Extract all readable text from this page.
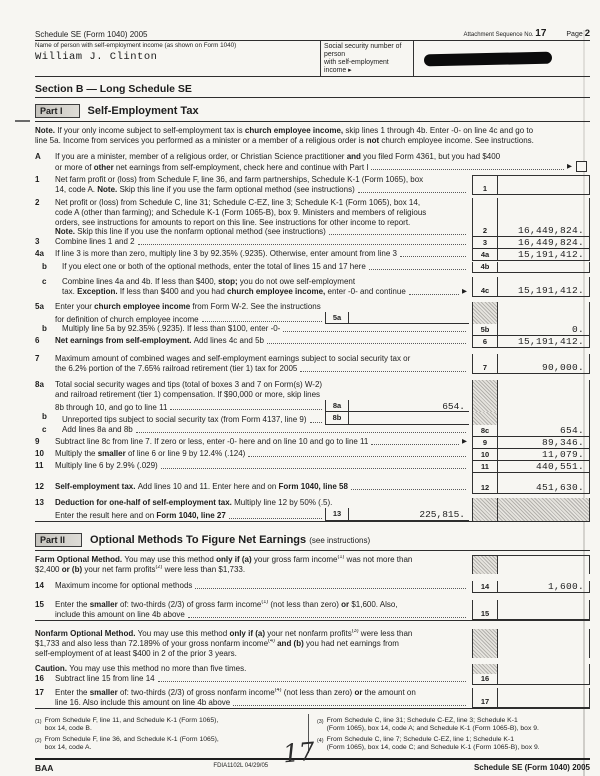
Schedule SE (Form 1040) 2005	Attachment Sequence No. 17	Page 2
Name of person with self-employment income (as shown on Form 1040)
William J. Clinton
Social security number of person
with self-employment income ▸
Section B — Long Schedule SE
Part I	Self-Employment Tax
Note. If your only income subject to self-employment tax is church employee income, skip lines 1 through 4b. Enter -0- on line 4c and go to
line 5a. Income from services you performed as a minister or a member of a religious order is not church employee income. See instructions.
A	If you are a minister, member of a religious order, or Christian Science practitioner and you filed Form 4361, but you had $400
or more of other net earnings from self-employment, check here and continue with Part I	▶
1	Net farm profit or (loss) from Schedule F, line 36, and farm partnerships, Schedule K-1 (Form 1065), box
14, code A. Note. Skip this line if you use the farm optional method (see instructions)	1
2	Net profit or (loss) from Schedule C, line 31; Schedule C-EZ, line 3; Schedule K-1 (Form 1065), box 14,
code A (other than farming); and Schedule K-1 (Form 1065-B), box 9. Ministers and members of religious
orders, see instructions for amounts to report on this line. See instructions for other income to report.
Note. Skip this line if you use the nonfarm optional method (see instructions)	2	16,449,824.
3	Combine lines 1 and 2	3	16,449,824.
4a	If line 3 is more than zero, multiply line 3 by 92.35% (.9235). Otherwise, enter amount from line 3	4a	15,191,412.
b	If you elect one or both of the optional methods, enter the total of lines 15 and 17 here	4b
c	Combine lines 4a and 4b. If less than $400, stop; you do not owe self-employment
tax. Exception. If less than $400 and you had church employee income, enter -0- and continue	▶	4c	15,191,412.
5a	Enter your church employee income from Form W-2. See the instructions
for definition of church employee income	5a
b	Multiply line 5a by 92.35% (.9235). If less than $100, enter -0-	5b	0.
6	Net earnings from self-employment. Add lines 4c and 5b	6	15,191,412.
7	Maximum amount of combined wages and self-employment earnings subject to social security tax or
the 6.2% portion of the 7.65% railroad retirement (tier 1) tax for 2005	7	90,000.
8a	Total social security wages and tips (total of boxes 3 and 7 on Form(s) W-2)
and railroad retirement (tier 1) compensation. If $90,000 or more, skip lines
8b through 10, and go to line 11	8a	654.
b	Unreported tips subject to social security tax (from Form 4137, line 9)	8b
c	Add lines 8a and 8b	8c	654.
9	Subtract line 8c from line 7. If zero or less, enter -0- here and on line 10 and go to line 11	▶	9	89,346.
10	Multiply the smaller of line 6 or line 9 by 12.4% (.124)	10	11,079.
11	Multiply line 6 by 2.9% (.029)	11	440,551.
12	Self-employment tax. Add lines 10 and 11. Enter here and on Form 1040, line 58	12	451,630.
13	Deduction for one-half of self-employment tax. Multiply line 12 by 50% (.5).
Enter the result here and on Form 1040, line 27	13	225,815.
Part II	Optional Methods To Figure Net Earnings (see instructions)
Farm Optional Method. You may use this method only if (a) your gross farm income (1) was not more than
$2,400 or (b) your net farm profits (2) were less than $1,733.
14	Maximum income for optional methods	14	1,600.
15	Enter the smaller of: two-thirds (2/3) of gross farm income (1) (not less than zero) or $1,600. Also,
include this amount on line 4b above	15
Nonfarm Optional Method. You may use this method only if (a) your net nonfarm profits (3) were less than
$1,733 and also less than 72.189% of your gross nonfarm income (4)
and (b) you had net earnings from
self-employment of at least $400 in 2 of the prior 3 years.
Caution. You may use this method no more than five times.
16	Subtract line 15 from line 14	16
17	Enter the smaller of: two-thirds (2/3) of gross nonfarm income (4) (not less than zero) or the amount on
line 16. Also include this amount on line 4b above	17
(1) From Schedule F, line 11, and Schedule K-1 (Form 1065),
box 14, code B.
(2) From Schedule F, line 36, and Schedule K-1 (Form 1065),
box 14, code A.
(3) From Schedule C, line 31; Schedule C-EZ, line 3; Schedule K-1
(Form 1065), box 14, code A; and Schedule K-1 (Form 1065-B), box 9.
(4) From Schedule C, line 7; Schedule C-EZ, line 1; Schedule K-1
(Form 1065), box 14, code C; and Schedule K-1 (Form 1065-B), box 9.
BAA	FDIA1102L 04/29/05	Schedule SE (Form 1040) 2005
17
